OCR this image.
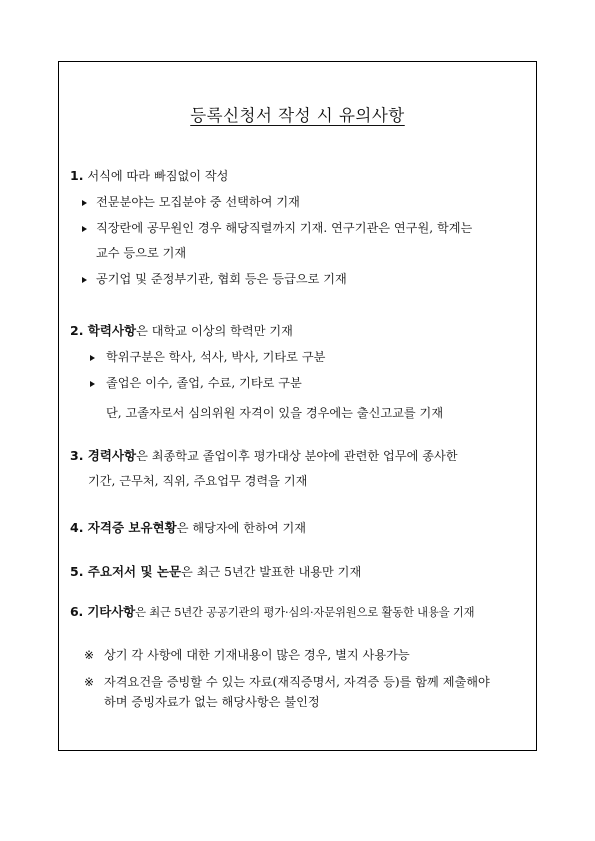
등록신청서 작성 시 유의사항
1. 서식에 따라 빠짐없이 작성
전문분야는 모집분야 중 선택하여 기재
직장란에 공무원인 경우 해당직렬까지 기재. 연구기관은 연구원, 학계는
교수 등으로 기재
공기업 및 준정부기관, 협회 등은 등급으로 기재
2. 학력사항은 대학교 이상의 학력만 기재
학위구분은 학사, 석사, 박사, 기타로 구분
졸업은 이수, 졸업, 수료, 기타로 구분
단, 고졸자로서 심의위원 자격이 있을 경우에는 출신고교를 기재
3. 경력사항은 최종학교 졸업이후 평가대상 분야에 관련한 업무에 종사한
기간, 근무처, 직위, 주요업무 경력을 기재
4. 자격증 보유현황은 해당자에 한하여 기재
5. 주요저서 및 논문은 최근 5년간 발표한 내용만 기재
6. 기타사항은 최근 5년간 공공기관의 평가·심의·자문위원으로 활동한 내용을 기재
※ 상기 각 사항에 대한 기재내용이 많은 경우, 별지 사용가능
※ 자격요건을 증빙할 수 있는 자료(재직증명서, 자격증 등)를 함께 제출해야
하며 증빙자료가 없는 해당사항은 불인정
